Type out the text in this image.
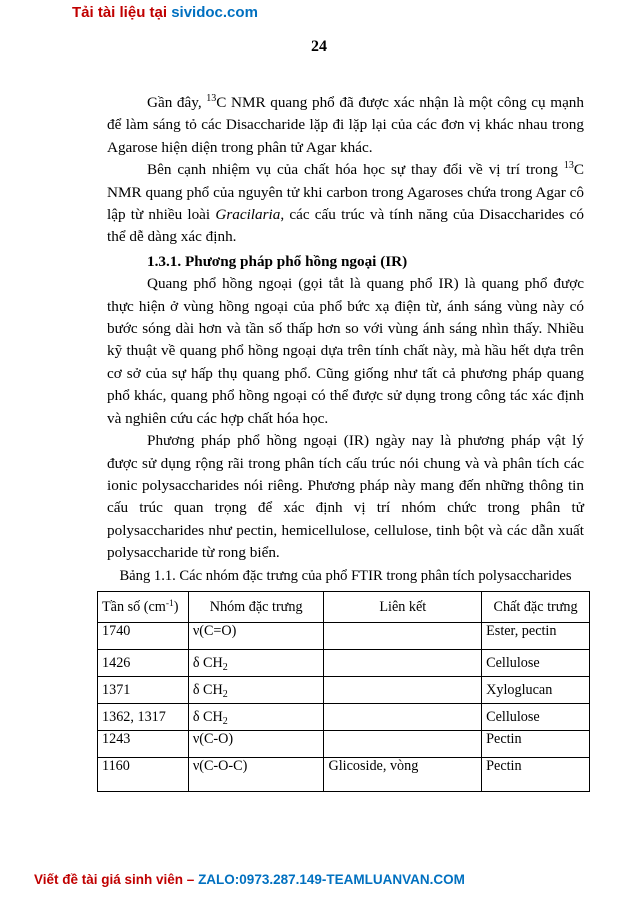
Tải tài liệu tại sividoc.com
24

Gần đây, $^{13}$C NMR quang phổ đã được xác nhận là một công cụ mạnh để làm sáng tỏ các Disaccharide lặp đi lặp lại của các đơn vị khác nhau trong Agarose hiện diện trong phân tử Agar khác.

Bên cạnh nhiệm vụ của chất hóa học sự thay đổi về vị trí trong $^{13}$C NMR quang phổ của nguyên tử khi carbon trong Agaroses chứa trong Agar cô lập từ nhiều loài Gracilaria, các cấu trúc và tính năng của Disaccharides có thể dễ dàng xác định.

1.3.1. Phương pháp phổ hồng ngoại (IR)

Quang phổ hồng ngoại (gọi tắt là quang phổ IR) là quang phổ được thực hiện ở vùng hồng ngoại của phổ bức xạ điện từ, ánh sáng vùng này có bước sóng dài hơn và tần số thấp hơn so với vùng ánh sáng nhìn thấy. Nhiều kỹ thuật về quang phổ hồng ngoại dựa trên tính chất này, mà hầu hết dựa trên cơ sở của sự hấp thụ quang phổ. Cũng giống như tất cả phương pháp quang phổ khác, quang phổ hồng ngoại có thể được sử dụng trong công tác xác định và nghiên cứu các hợp chất hóa học.

Phương pháp phổ hồng ngoại (IR) ngày nay là phương pháp vật lý được sử dụng rộng rãi trong phân tích cấu trúc nói chung và và phân tích các ionic polysaccharides nói riêng. Phương pháp này mang đến những thông tin cấu trúc quan trọng để xác định vị trí nhóm chức trong phân tử polysaccharides như pectin, hemicellulose, cellulose, tinh bột và các dẫn xuất polysaccharide từ rong biển.

Bảng 1.1. Các nhóm đặc trưng của phổ FTIR trong phân tích polysaccharides
Tần số $(cm^{-1})$	Nhóm đặc trưng	Liên kết	Chất đặc trưng
1740	ν(C=O)		Ester, pectin
1426	δ $CH_2$		Cellulose
1371	δ $CH_2$		Xyloglucan
1362, 1317	δ $CH_2$		Cellulose
1243	ν(C-O)		Pectin
1160	ν(C-O-C)	Glicoside, vòng	Pectin
Viết đề tài giá sinh viên – ZALO:0973.287.149-TEAMLUANVAN.COM
